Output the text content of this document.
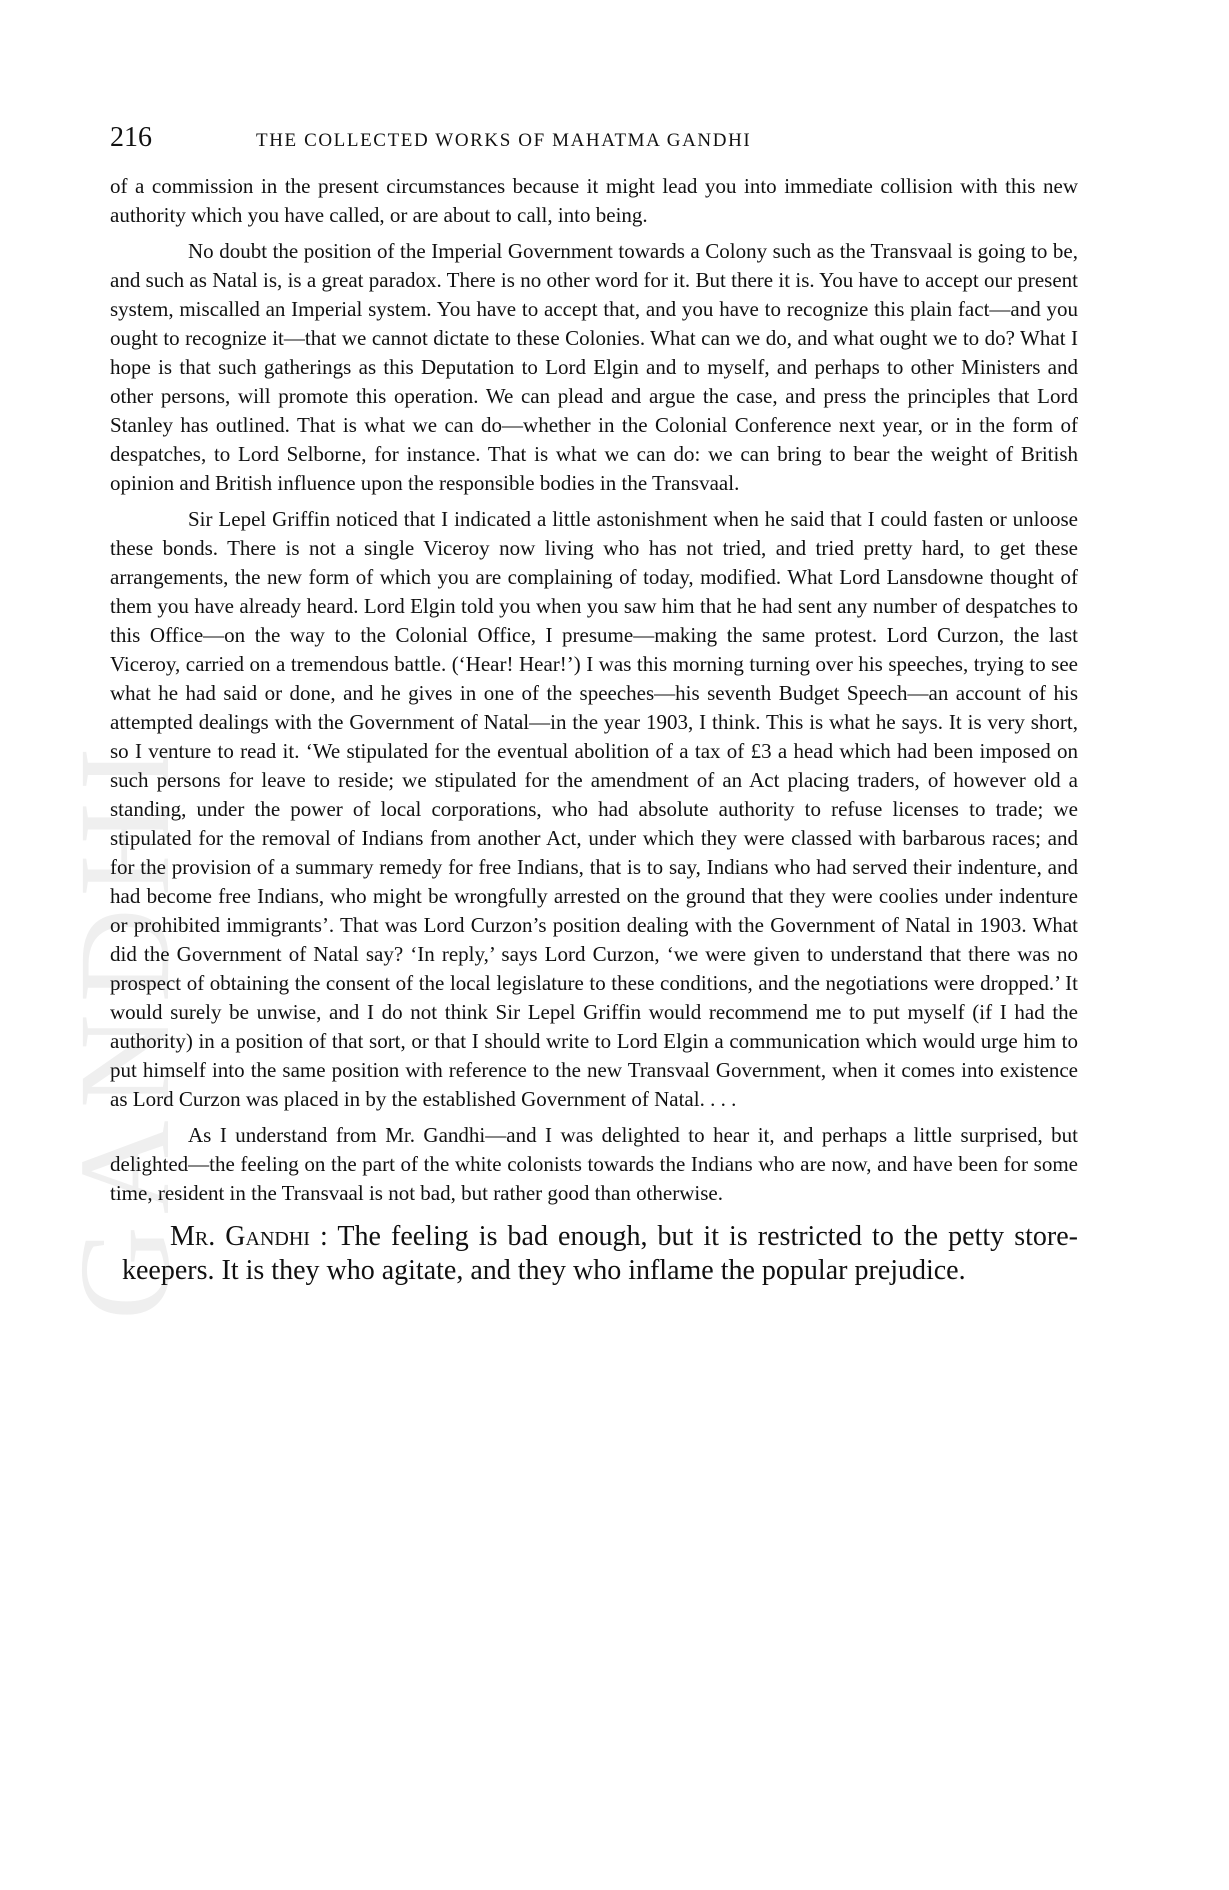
GANDHI
216	THE COLLECTED WORKS OF MAHATMA GANDHI

of a commission in the present circumstances because it might lead you into immediate collision with this new authority which you have called, or are about to call, into being.

No doubt the position of the Imperial Government towards a Colony such as the Transvaal is going to be, and such as Natal is, is a great paradox. There is no other word for it. But there it is. You have to accept our present system, miscalled an Imperial system. You have to accept that, and you have to recognize this plain fact—and you ought to recognize it—that we cannot dictate to these Colonies. What can we do, and what ought we to do? What I hope is that such gatherings as this Deputation to Lord Elgin and to myself, and perhaps to other Ministers and other persons, will promote this operation. We can plead and argue the case, and press the principles that Lord Stanley has outlined. That is what we can do—whether in the Colonial Conference next year, or in the form of despatches, to Lord Selborne, for instance. That is what we can do: we can bring to bear the weight of British opinion and British influence upon the responsible bodies in the Transvaal.

Sir Lepel Griffin noticed that I indicated a little astonishment when he said that I could fasten or unloose these bonds. There is not a single Viceroy now living who has not tried, and tried pretty hard, to get these arrangements, the new form of which you are complaining of today, modified. What Lord Lansdowne thought of them you have already heard. Lord Elgin told you when you saw him that he had sent any number of despatches to this Office—on the way to the Colonial Office, I presume—making the same protest. Lord Curzon, the last Viceroy, carried on a tremendous battle. (‘Hear! Hear!’) I was this morning turning over his speeches, trying to see what he had said or done, and he gives in one of the speeches—his seventh Budget Speech—an account of his attempted dealings with the Government of Natal—in the year 1903, I think. This is what he says. It is very short, so I venture to read it. ‘We stipulated for the eventual abolition of a tax of £3 a head which had been imposed on such persons for leave to reside; we stipulated for the amendment of an Act placing traders, of however old a standing, under the power of local corporations, who had absolute authority to refuse licenses to trade; we stipulated for the removal of Indians from another Act, under which they were classed with barbarous races; and for the provision of a summary remedy for free Indians, that is to say, Indians who had served their indenture, and had become free Indians, who might be wrongfully arrested on the ground that they were coolies under indenture or prohibited immigrants’. That was Lord Curzon’s position dealing with the Government of Natal in 1903. What did the Government of Natal say? ‘In reply,’ says Lord Curzon, ‘we were given to understand that there was no prospect of obtaining the consent of the local legislature to these conditions, and the negotiations were dropped.’ It would surely be unwise, and I do not think Sir Lepel Griffin would recommend me to put myself (if I had the authority) in a position of that sort, or that I should write to Lord Elgin a communication which would urge him to put himself into the same position with reference to the new Transvaal Government, when it comes into existence as Lord Curzon was placed in by the established Government of Natal. . . .

As I understand from Mr. Gandhi—and I was delighted to hear it, and perhaps a little surprised, but delighted—the feeling on the part of the white colonists towards the Indians who are now, and have been for some time, resident in the Transvaal is not bad, but rather good than otherwise.

Mr. Gandhi : The feeling is bad enough, but it is restricted to the petty store-keepers. It is they who agitate, and they who inflame the popular prejudice.
